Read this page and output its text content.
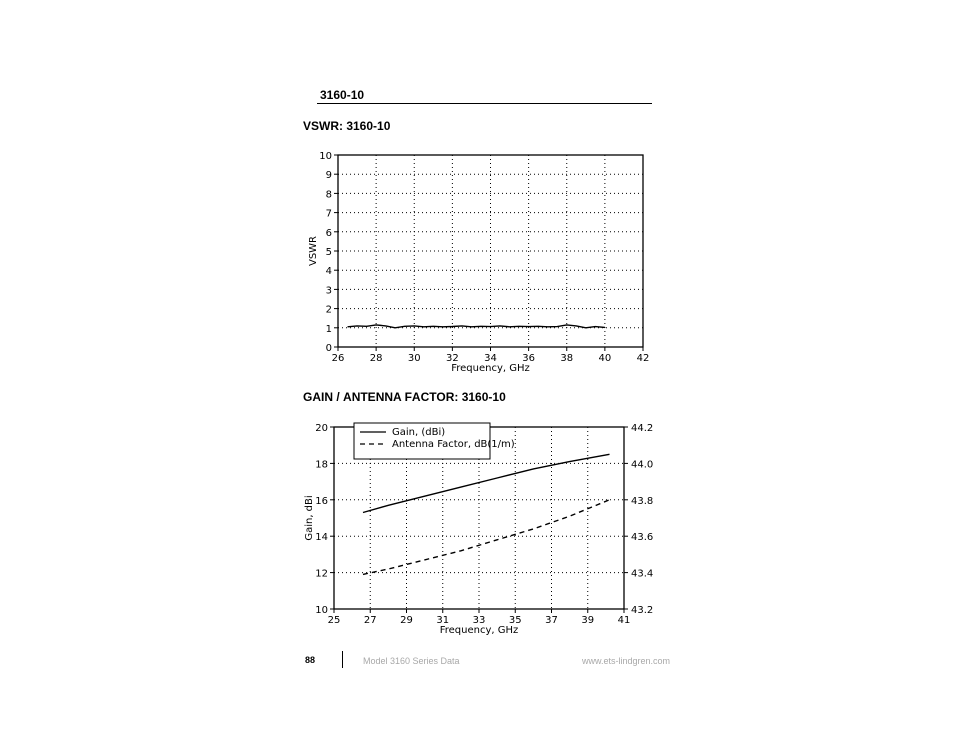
3160-10
VSWR: 3160-10
GAIN / ANTENNA FACTOR: 3160-10
26	28	30	32	34	36	38	40	42
0
1
2
3
4
5
6
7
8
9
10
Frequency, GHz
VSWR
25 27 29 31 33 35 37 39 41
10
12
14
16
18
20
43.2
43.4
43.6
43.8
44.0
44.2
Frequency, GHz
Gain, dBi
Gain, (dBi)
Antenna Factor, dB(1/m)
88	Model 3160 Series Data	www.ets-lindgren.com
